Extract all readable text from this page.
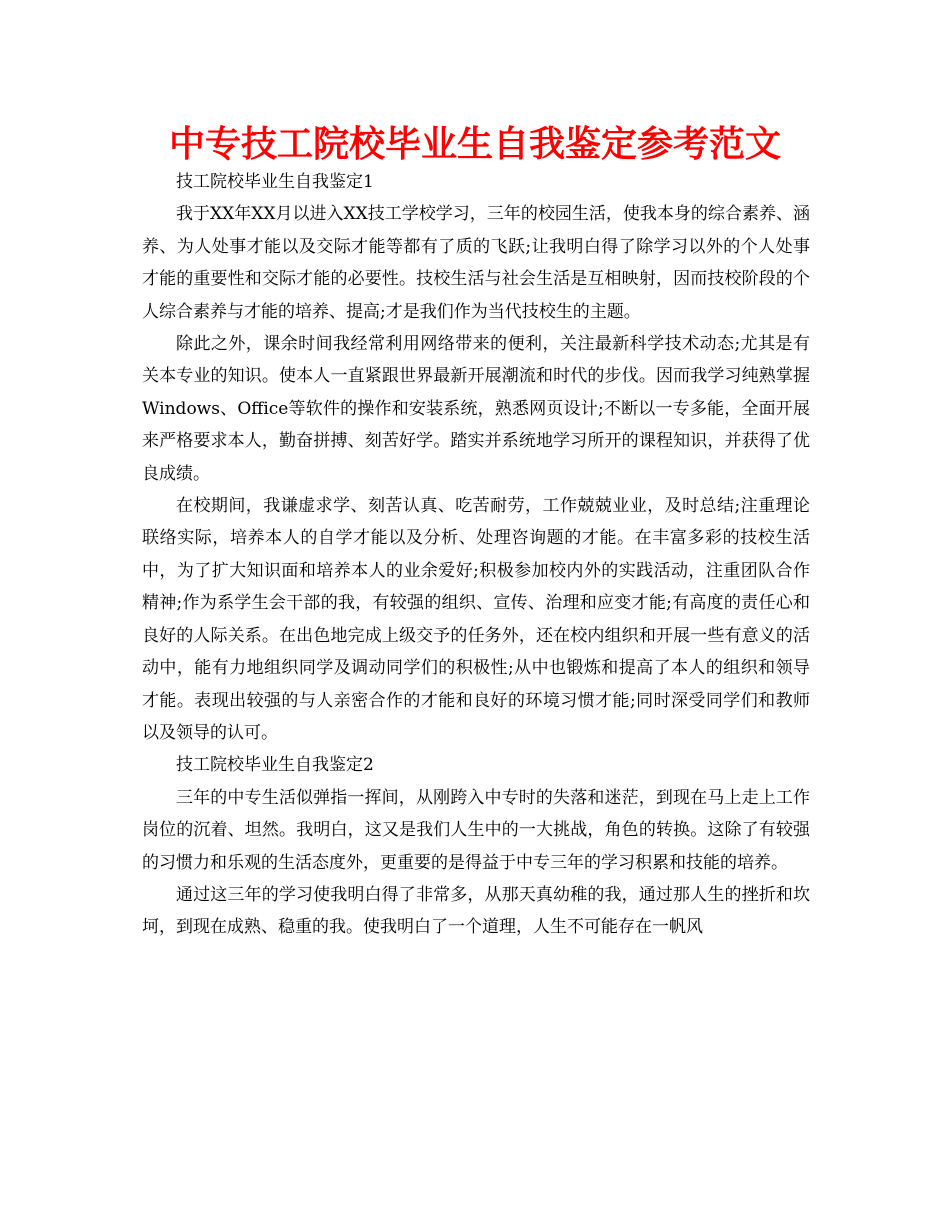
中专技工院校毕业生自我鉴定参考范文

技工院校毕业生自我鉴定1

我于XX年XX月以进入XX技工学校学习，三年的校园生活，使我本身的综合素养、涵养、为人处事才能以及交际才能等都有了质的飞跃;让我明白得了除学习以外的个人处事才能的重要性和交际才能的必要性。技校生活与社会生活是互相映射，因而技校阶段的个人综合素养与才能的培养、提高;才是我们作为当代技校生的主题。

除此之外，课余时间我经常利用网络带来的便利，关注最新科学技术动态;尤其是有关本专业的知识。使本人一直紧跟世界最新开展潮流和时代的步伐。因而我学习纯熟掌握Windows、Office等软件的操作和安装系统，熟悉网页设计;不断以一专多能，全面开展来严格要求本人，勤奋拼搏、刻苦好学。踏实并系统地学习所开的课程知识，并获得了优良成绩。

在校期间，我谦虚求学、刻苦认真、吃苦耐劳，工作兢兢业业，及时总结;注重理论联络实际，培养本人的自学才能以及分析、处理咨询题的才能。在丰富多彩的技校生活中，为了扩大知识面和培养本人的业余爱好;积极参加校内外的实践活动，注重团队合作精神;作为系学生会干部的我，有较强的组织、宣传、治理和应变才能;有高度的责任心和良好的人际关系。在出色地完成上级交予的任务外，还在校内组织和开展一些有意义的活动中，能有力地组织同学及调动同学们的积极性;从中也锻炼和提高了本人的组织和领导才能。表现出较强的与人亲密合作的才能和良好的环境习惯才能;同时深受同学们和教师以及领导的认可。

技工院校毕业生自我鉴定2

三年的中专生活似弹指一挥间，从刚跨入中专时的失落和迷茫，到现在马上走上工作岗位的沉着、坦然。我明白，这又是我们人生中的一大挑战，角色的转换。这除了有较强的习惯力和乐观的生活态度外，更重要的是得益于中专三年的学习积累和技能的培养。

通过这三年的学习使我明白得了非常多，从那天真幼稚的我，通过那人生的挫折和坎坷，到现在成熟、稳重的我。使我明白了一个道理，人生不可能存在一帆风
